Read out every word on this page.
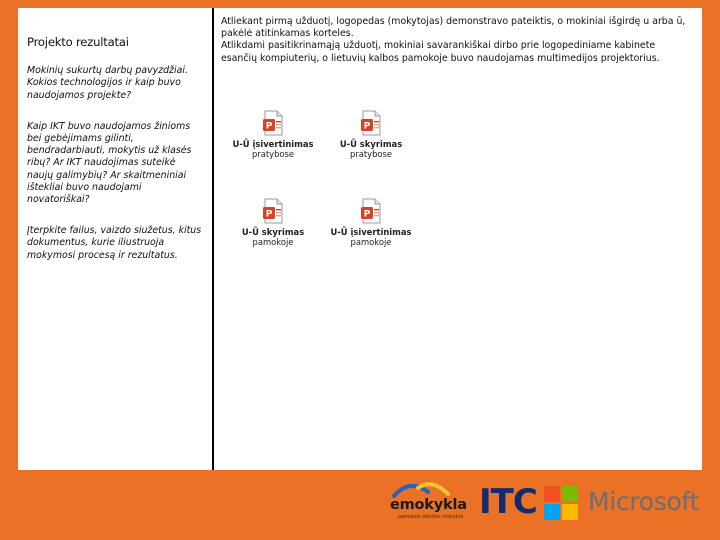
Projekto rezultatai

Mokinių sukurtų darbų pavyzdžiai. Kokios technologijos ir kaip buvo naudojamos projekte?

Kaip IKT buvo naudojamos žinioms bei gebėjimams gilinti, bendradarbiauti, mokytis už klasės ribų? Ar IKT naudojimas suteikė naujų galimybių? Ar skaitmeniniai ištekliai buvo naudojami novatoriškai?

Įterpkite failus, vaizdo siužetus, kitus dokumentus, kurie iliustruoja mokymosi procesą ir rezultatus.

Atliekant pirmą užduotį, logopedas (mokytojas) demonstravo pateiktis, o mokiniai išgirdę u arba ū, pakėlė atitinkamas korteles.

Atlikdami pasitikrinamąją užduotį, mokiniai savarankiškai dirbo prie logopediniame kabinete esančių kompiuterių, o lietuvių kalbos pamokoje buvo naudojamas multimedijos projektorius.

P
U-Ū įsivertinimas
pratybose
P
U-Ū skyrimas
pratybose
P
U-Ū skyrimas
pamokoje
P
U-Ū įsivertinimas
pamokoje
emokykla
pamokos ateities mokykla ITC Microsoft
